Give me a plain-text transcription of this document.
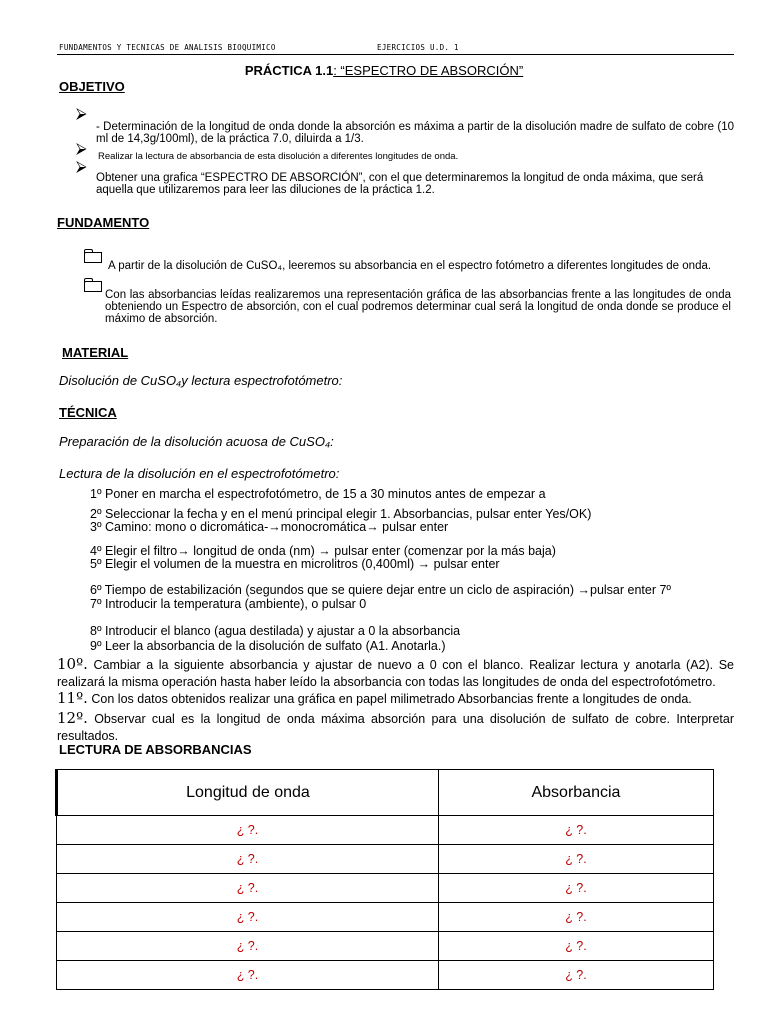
FUNDAMENTOS Y TECNICAS DE ANALISIS BIOQUIMICO	EJERCICIOS U.D. 1
PRÁCTICA 1.1: “ESPECTRO DE ABSORCIÓN”
OBJETIVO
⮚
- Determinación de la longitud de onda donde la absorción es máxima a partir de la disolución madre de sulfato de cobre (10 ml de 14,3g/100ml), de la práctica 7.0, diluirda a 1/3.
⮚ Realizar la lectura de absorbancia de esta disolución a diferentes longitudes de onda.
⮚
Obtener una grafica “ESPECTRO DE ABSORCIÓN”, con el que determinaremos la longitud de onda máxima, que será aquella que utilizaremos para leer las diluciones de la práctica 1.2.
FUNDAMENTO
A partir de la disolución de CuSO₄, leeremos su absorbancia en el espectro fotómetro a diferentes longitudes de onda.
Con las absorbancias leídas realizaremos una representación gráfica de las absorbancias frente a las longitudes de onda obteniendo un Espectro de absorción, con el cual podremos determinar cual será la longitud de onda donde se produce el máximo de absorción.
MATERIAL
Disolución de CuSO₄y lectura espectrofotómetro:
TÉCNICA
Preparación de la disolución acuosa de CuSO₄:
Lectura de la disolución en el espectrofotómetro:
1º Poner en marcha el espectrofotómetro, de 15 a 30 minutos antes de empezar a
2º Seleccionar la fecha y en el menú principal elegir 1. Absorbancias, pulsar enter Yes/OK)
3º Camino: mono o dicromática-→monocromática→ pulsar enter
4º Elegir el filtro→ longitud de onda (nm) → pulsar enter (comenzar por la más baja)
5º Elegir el volumen de la muestra en microlitros (0,400ml) → pulsar enter
6º Tiempo de estabilización (segundos que se quiere dejar entre un ciclo de aspiración) →pulsar enter 7º
7º Introducir la temperatura (ambiente), o pulsar 0
8º Introducir el blanco (agua destilada) y ajustar a 0 la absorbancia
9º Leer la absorbancia de la disolución de sulfato (A1. Anotarla.)
10º. Cambiar a la siguiente absorbancia y ajustar de nuevo a 0 con el blanco. Realizar lectura y anotarla (A2). Se realizará la misma operación hasta haber leído la absorbancia con todas las longitudes de onda del espectrofotómetro.
11º. Con los datos obtenidos realizar una gráfica en papel milimetrado Absorbancias frente a longitudes de onda.
12º. Observar cual es la longitud de onda máxima absorción para una disolución de sulfato de cobre. Interpretar resultados.
LECTURA DE ABSORBANCIAS
Longitud de onda	Absorbancia
¿ ?.	¿ ?.
¿ ?.	¿ ?.
¿ ?.	¿ ?.
¿ ?.	¿ ?.
¿ ?.	¿ ?.
¿ ?.	¿ ?.
